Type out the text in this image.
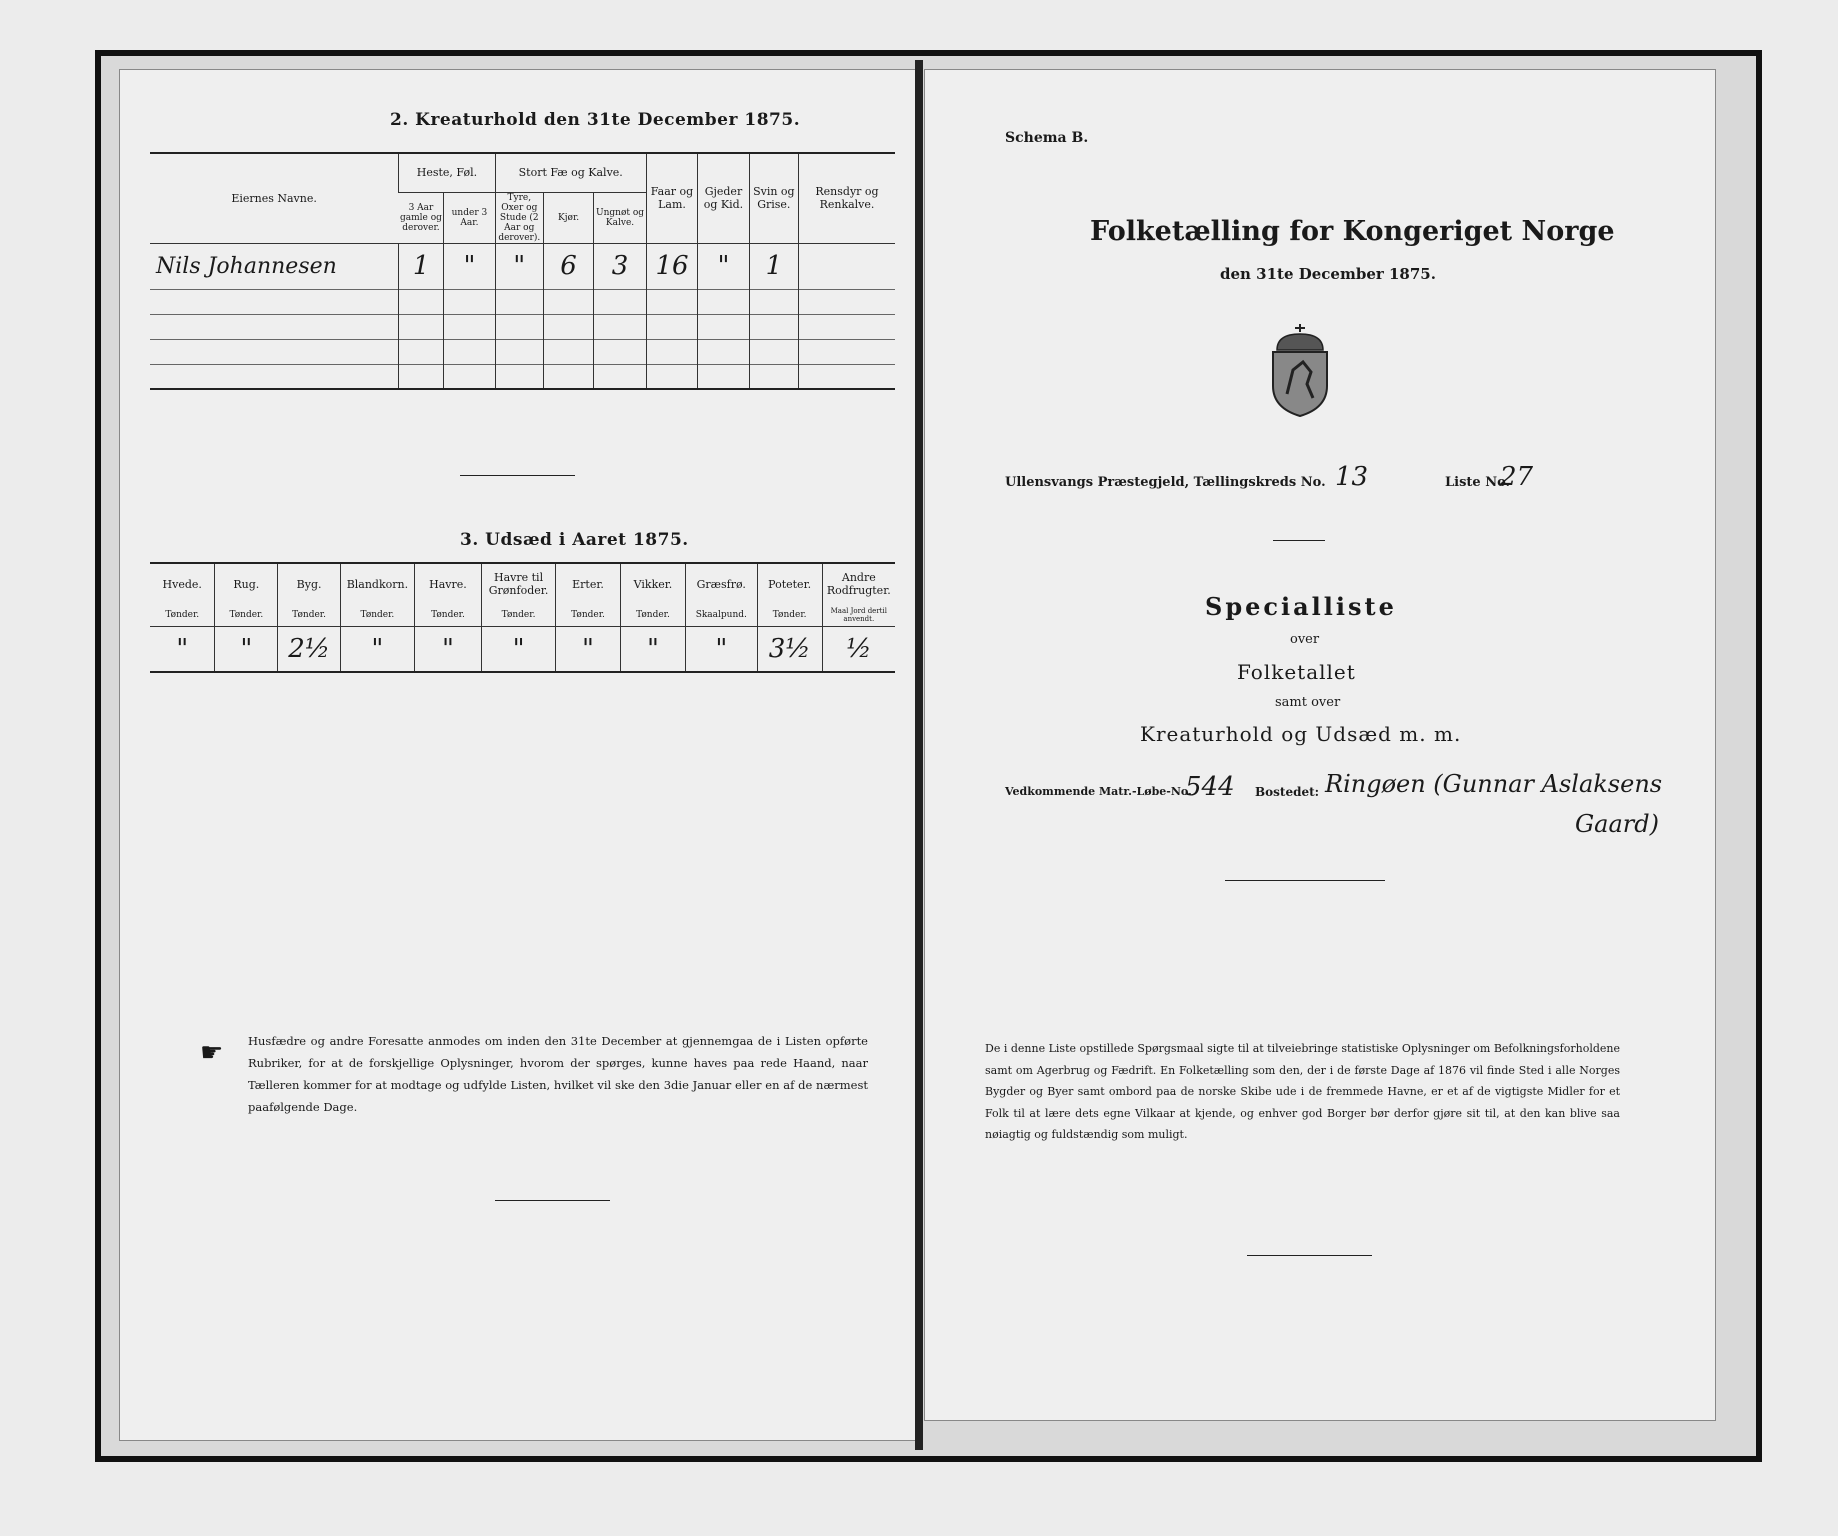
2. Kreaturhold den 31te December 1875.
Eiernes Navne.	Heste, Føl.		Stort Fæ og Kalve.			Faar og Lam.	Gjeder og Kid.	Svin og Grise.	Rensdyr og Renkalve.
	3 Aar gamle og derover.	under 3 Aar.	Tyre, Oxer og Stude (2 Aar og derover).	Kjør.	Ungnøt og Kalve.				
Nils Johannesen	1	"	"	6	3	16	"	1	

3. Udsæd i Aaret 1875.
Hvede.	Rug.	Byg.	Blandkorn.	Havre.	Havre til Grønfoder.	Erter.	Vikker.	Græsfrø.	Poteter.	Andre Rodfrugter.
Tønder.	Tønder.	Tønder.	Tønder.	Tønder.	Tønder.	Tønder.	Tønder.	Skaalpund.	Tønder.	Maal Jord dertil anvendt.
"	"	2½	"	"	"	"	"	"	3½	½
☛ Husfædre og andre Foresatte anmodes om inden den 31te December at gjennemgaa de i Listen opførte Rubriker, for at de forskjellige Oplysninger, hvorom der spørges, kunne haves paa rede Haand, naar Tælleren kommer for at modtage og udfylde Listen, hvilket vil ske den 3die Januar eller en af de nærmest paafølgende Dage.
Schema B.
Folketælling for Kongeriget Norge
den 31te December 1875.
Ullensvangs Præstegjeld, Tællingskreds No. 13	Liste No.
27
Specialliste
over
Folketallet
samt over
Kreaturhold og Udsæd m. m.
Vedkommende Matr.-Løbe-No.
544 Bostedet: Ringøen (Gunnar Aslaksens
Gaard)
De i denne Liste opstillede Spørgsmaal sigte til at tilveiebringe statistiske Oplysninger om Befolkningsforholdene samt om Agerbrug og Fædrift. En Folketælling som den, der i de første Dage af 1876 vil finde Sted i alle Norges Bygder og Byer samt ombord paa de norske Skibe ude i de fremmede Havne, er et af de vigtigste Midler for et Folk til at lære dets egne Vilkaar at kjende, og enhver god Borger bør derfor gjøre sit til, at den kan blive saa nøiagtig og fuldstændig som muligt.
